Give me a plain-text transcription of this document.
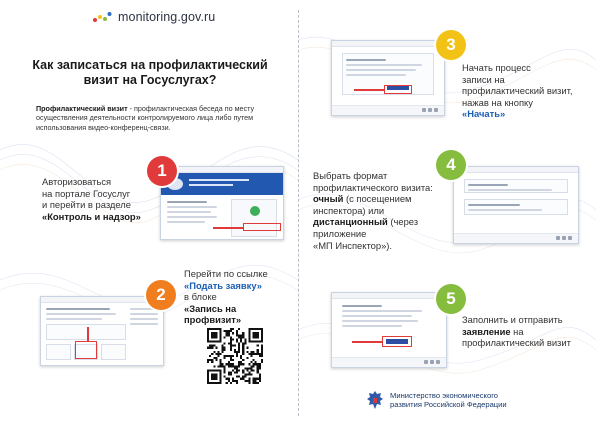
monitoring.gov.ru
Как записаться на профилактический
визит на Госуслугах?
Профилактический визит - профилактическая беседа по месту осуществления деятельности контролируемого лица либо путем использования видео-конференц-связи.
Авторизоваться
на портале Госуслуг
и перейти в разделе
«Контроль и надзор»
1
2
Перейти по ссылке
«Подать заявку»
в блоке
«Запись на профвизит»
3
Начать процесс
записи на
профилактический визит,
нажав на кнопку
«Начать»
Выбрать формат
профилактического визита:
очный (с посещением
инспектора) или
дистанционный (через
приложение
«МП Инспектор»).
4
5
Заполнить и отправить
заявление на
профилактический визит
Министерство экономического
развития Российской Федерации
